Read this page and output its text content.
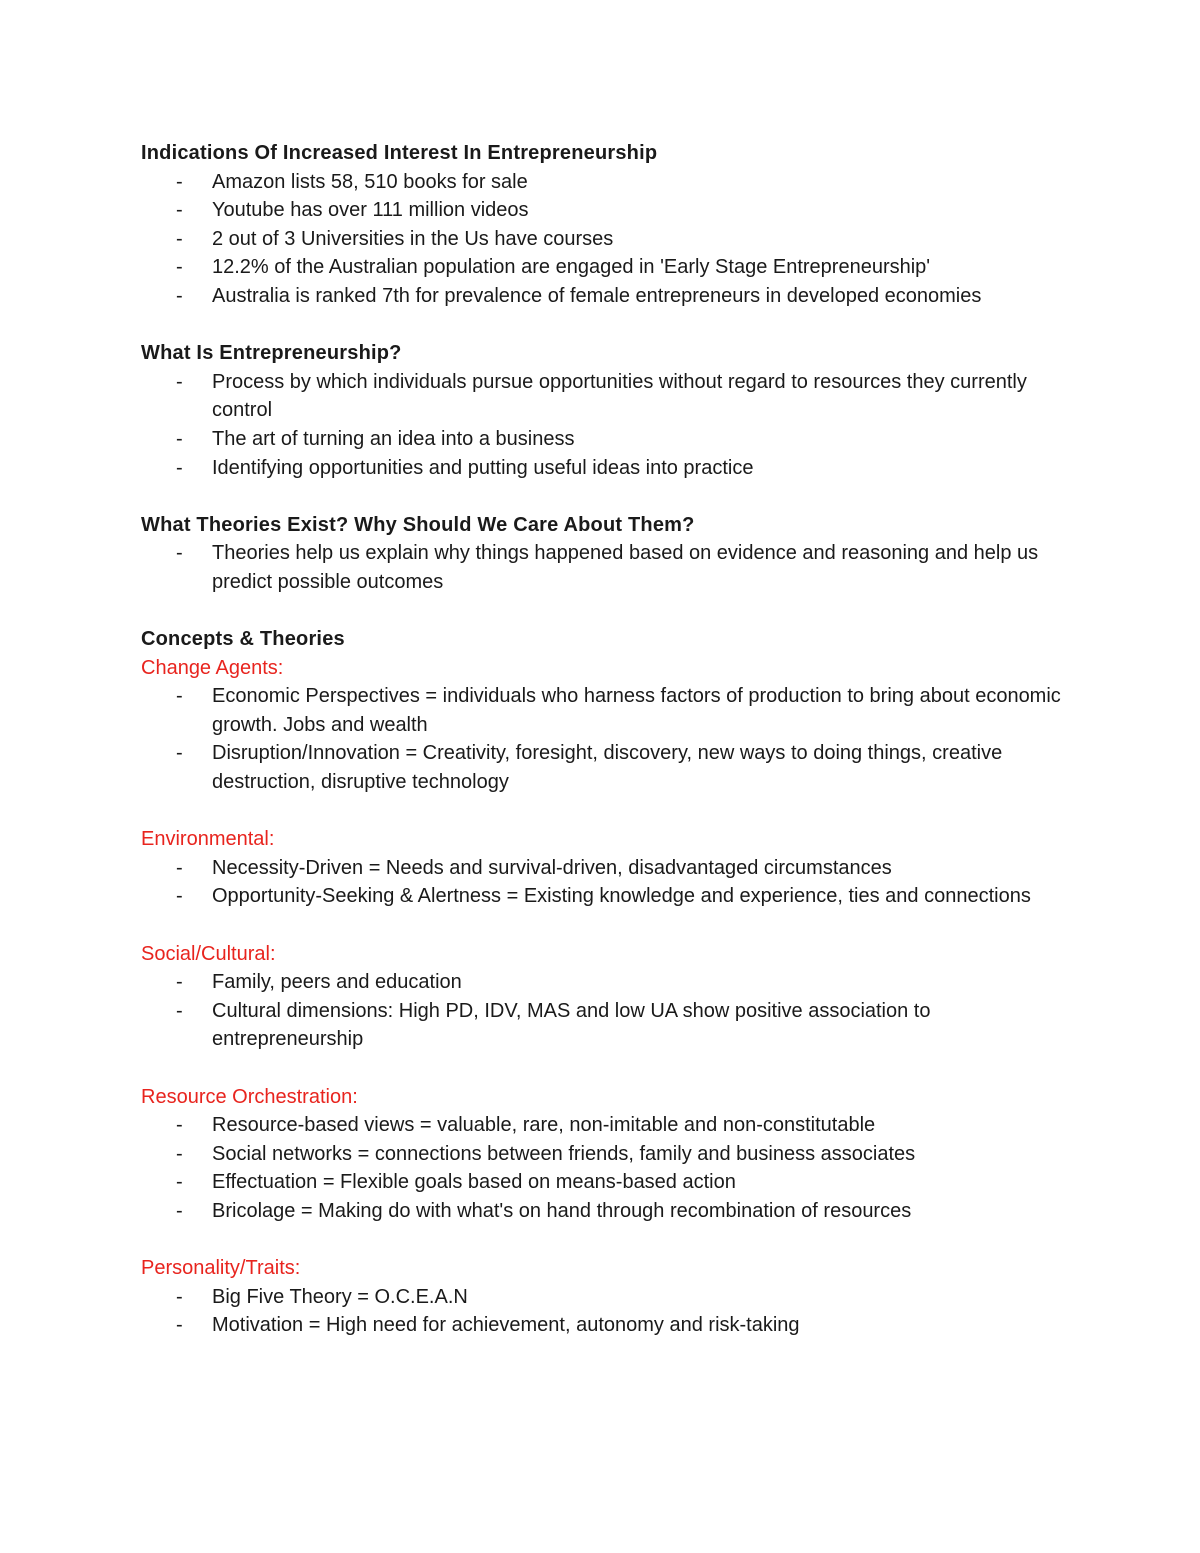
Indications Of Increased Interest In Entrepreneurship

- Amazon lists 58, 510 books for sale
- Youtube has over 111 million videos
- 2 out of 3 Universities in the Us have courses
- 12.2% of the Australian population are engaged in 'Early Stage Entrepreneurship'
- Australia is ranked 7th for prevalence of female entrepreneurs in developed economies

What Is Entrepreneurship?

- Process by which individuals pursue opportunities without regard to resources they currently control
- The art of turning an idea into a business
- Identifying opportunities and putting useful ideas into practice

What Theories Exist? Why Should We Care About Them?

- Theories help us explain why things happened based on evidence and reasoning and help us predict possible outcomes

Concepts & Theories

Change Agents:

- Economic Perspectives = individuals who harness factors of production to bring about economic growth. Jobs and wealth
- Disruption/Innovation = Creativity, foresight, discovery, new ways to doing things, creative destruction, disruptive technology

Environmental:

- Necessity-Driven = Needs and survival-driven, disadvantaged circumstances
- Opportunity-Seeking & Alertness = Existing knowledge and experience, ties and connections

Social/Cultural:

- Family, peers and education
- Cultural dimensions: High PD, IDV, MAS and low UA show positive association to entrepreneurship

Resource Orchestration:

- Resource-based views = valuable, rare, non-imitable and non-constitutable
- Social networks = connections between friends, family and business associates
- Effectuation = Flexible goals based on means-based action
- Bricolage = Making do with what's on hand through recombination of resources

Personality/Traits:

- Big Five Theory = O.C.E.A.N
- Motivation = High need for achievement, autonomy and risk-taking
